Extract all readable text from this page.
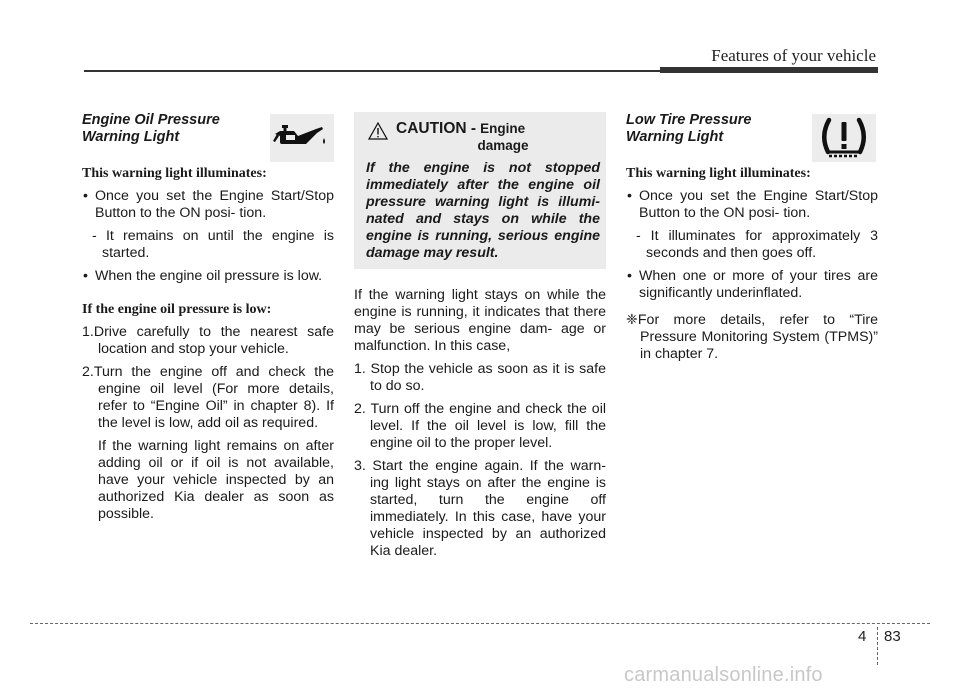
Features of your vehicle
Engine Oil Pressure
Warning Light
This warning light illuminates:
• Once you set the Engine Start/Stop Button to the ON posi- tion.
- It remains on until the engine is started.
• When the engine oil pressure is low.
If the engine oil pressure is low:
1.Drive carefully to the nearest safe location and stop your vehicle.
2.Turn the engine off and check the engine oil level (For more details, refer to “Engine Oil” in chapter 8). If the level is low, add oil as required.
If the warning light remains on after adding oil or if oil is not available, have your vehicle inspected by an authorized Kia dealer as soon as possible.
CAUTION - Engine
damage
If the engine is not stopped immediately after the engine oil pressure warning light is illumi- nated and stays on while the engine is running, serious engine damage may result.
If the warning light stays on while the engine is running, it indicates that there may be serious engine dam- age or malfunction. In this case,
1. Stop the vehicle as soon as it is safe to do so.
2. Turn off the engine and check the oil level. If the oil level is low, fill the engine oil to the proper level.
3. Start the engine again. If the warn- ing light stays on after the engine is started, turn the engine off immediately. In this case, have your vehicle inspected by an authorized Kia dealer.
Low Tire Pressure
Warning Light
This warning light illuminates:
• Once you set the Engine Start/Stop Button to the ON posi- tion.
- It illuminates for approximately 3 seconds and then goes off.
• When one or more of your tires are significantly underinflated.
❈For more details, refer to “Tire Pressure Monitoring System (TPMS)” in chapter 7.
4 83
carmanualsonline.info
